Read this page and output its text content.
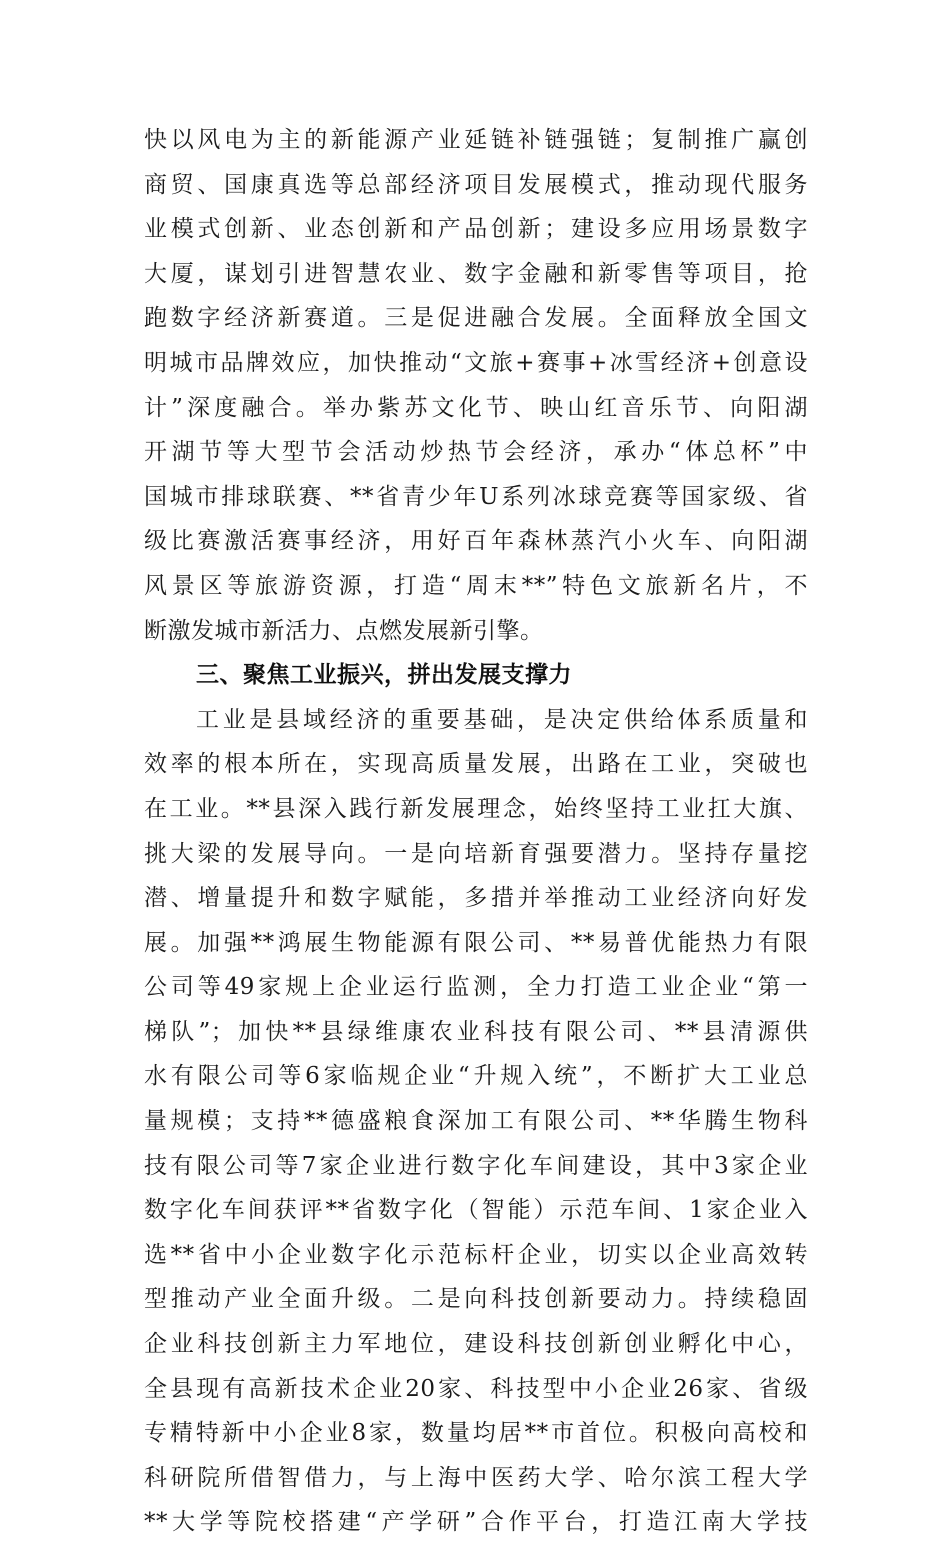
快以风电为主的新能源产业延链补链强链；复制推广赢创
商贸、国康真选等总部经济项目发展模式，推动现代服务
业模式创新、业态创新和产品创新；建设多应用场景数字
大厦，谋划引进智慧农业、数字金融和新零售等项目，抢
跑数字经济新赛道。三是促进融合发展。全面释放全国文
明城市品牌效应，加快推动“文旅+赛事+冰雪经济+创意设
计”深度融合。举办紫苏文化节、映山红音乐节、向阳湖
开湖节等大型节会活动炒热节会经济，承办“体总杯”中
国城市排球联赛、**省青少年U系列冰球竞赛等国家级、省
级比赛激活赛事经济，用好百年森林蒸汽小火车、向阳湖
风景区等旅游资源，打造“周末**”特色文旅新名片，不
断激发城市新活力、点燃发展新引擎。
三、聚焦工业振兴，拼出发展支撑力
工业是县域经济的重要基础，是决定供给体系质量和
效率的根本所在，实现高质量发展，出路在工业，突破也
在工业。**县深入践行新发展理念，始终坚持工业扛大旗、
挑大梁的发展导向。一是向培新育强要潜力。坚持存量挖
潜、增量提升和数字赋能，多措并举推动工业经济向好发
展。加强**鸿展生物能源有限公司、**易普优能热力有限
公司等49家规上企业运行监测，全力打造工业企业“第一
梯队”；加快**县绿维康农业科技有限公司、**县清源供
水有限公司等6家临规企业“升规入统”，不断扩大工业总
量规模；支持**德盛粮食深加工有限公司、**华腾生物科
技有限公司等7家企业进行数字化车间建设，其中3家企业
数字化车间获评**省数字化（智能）示范车间、1家企业入
选**省中小企业数字化示范标杆企业，切实以企业高效转
型推动产业全面升级。二是向科技创新要动力。持续稳固
企业科技创新主力军地位，建设科技创新创业孵化中心，
全县现有高新技术企业20家、科技型中小企业26家、省级
专精特新中小企业8家，数量均居**市首位。积极向高校和
科研院所借智借力，与上海中医药大学、哈尔滨工程大学
**大学等院校搭建“产学研”合作平台，打造江南大学技
